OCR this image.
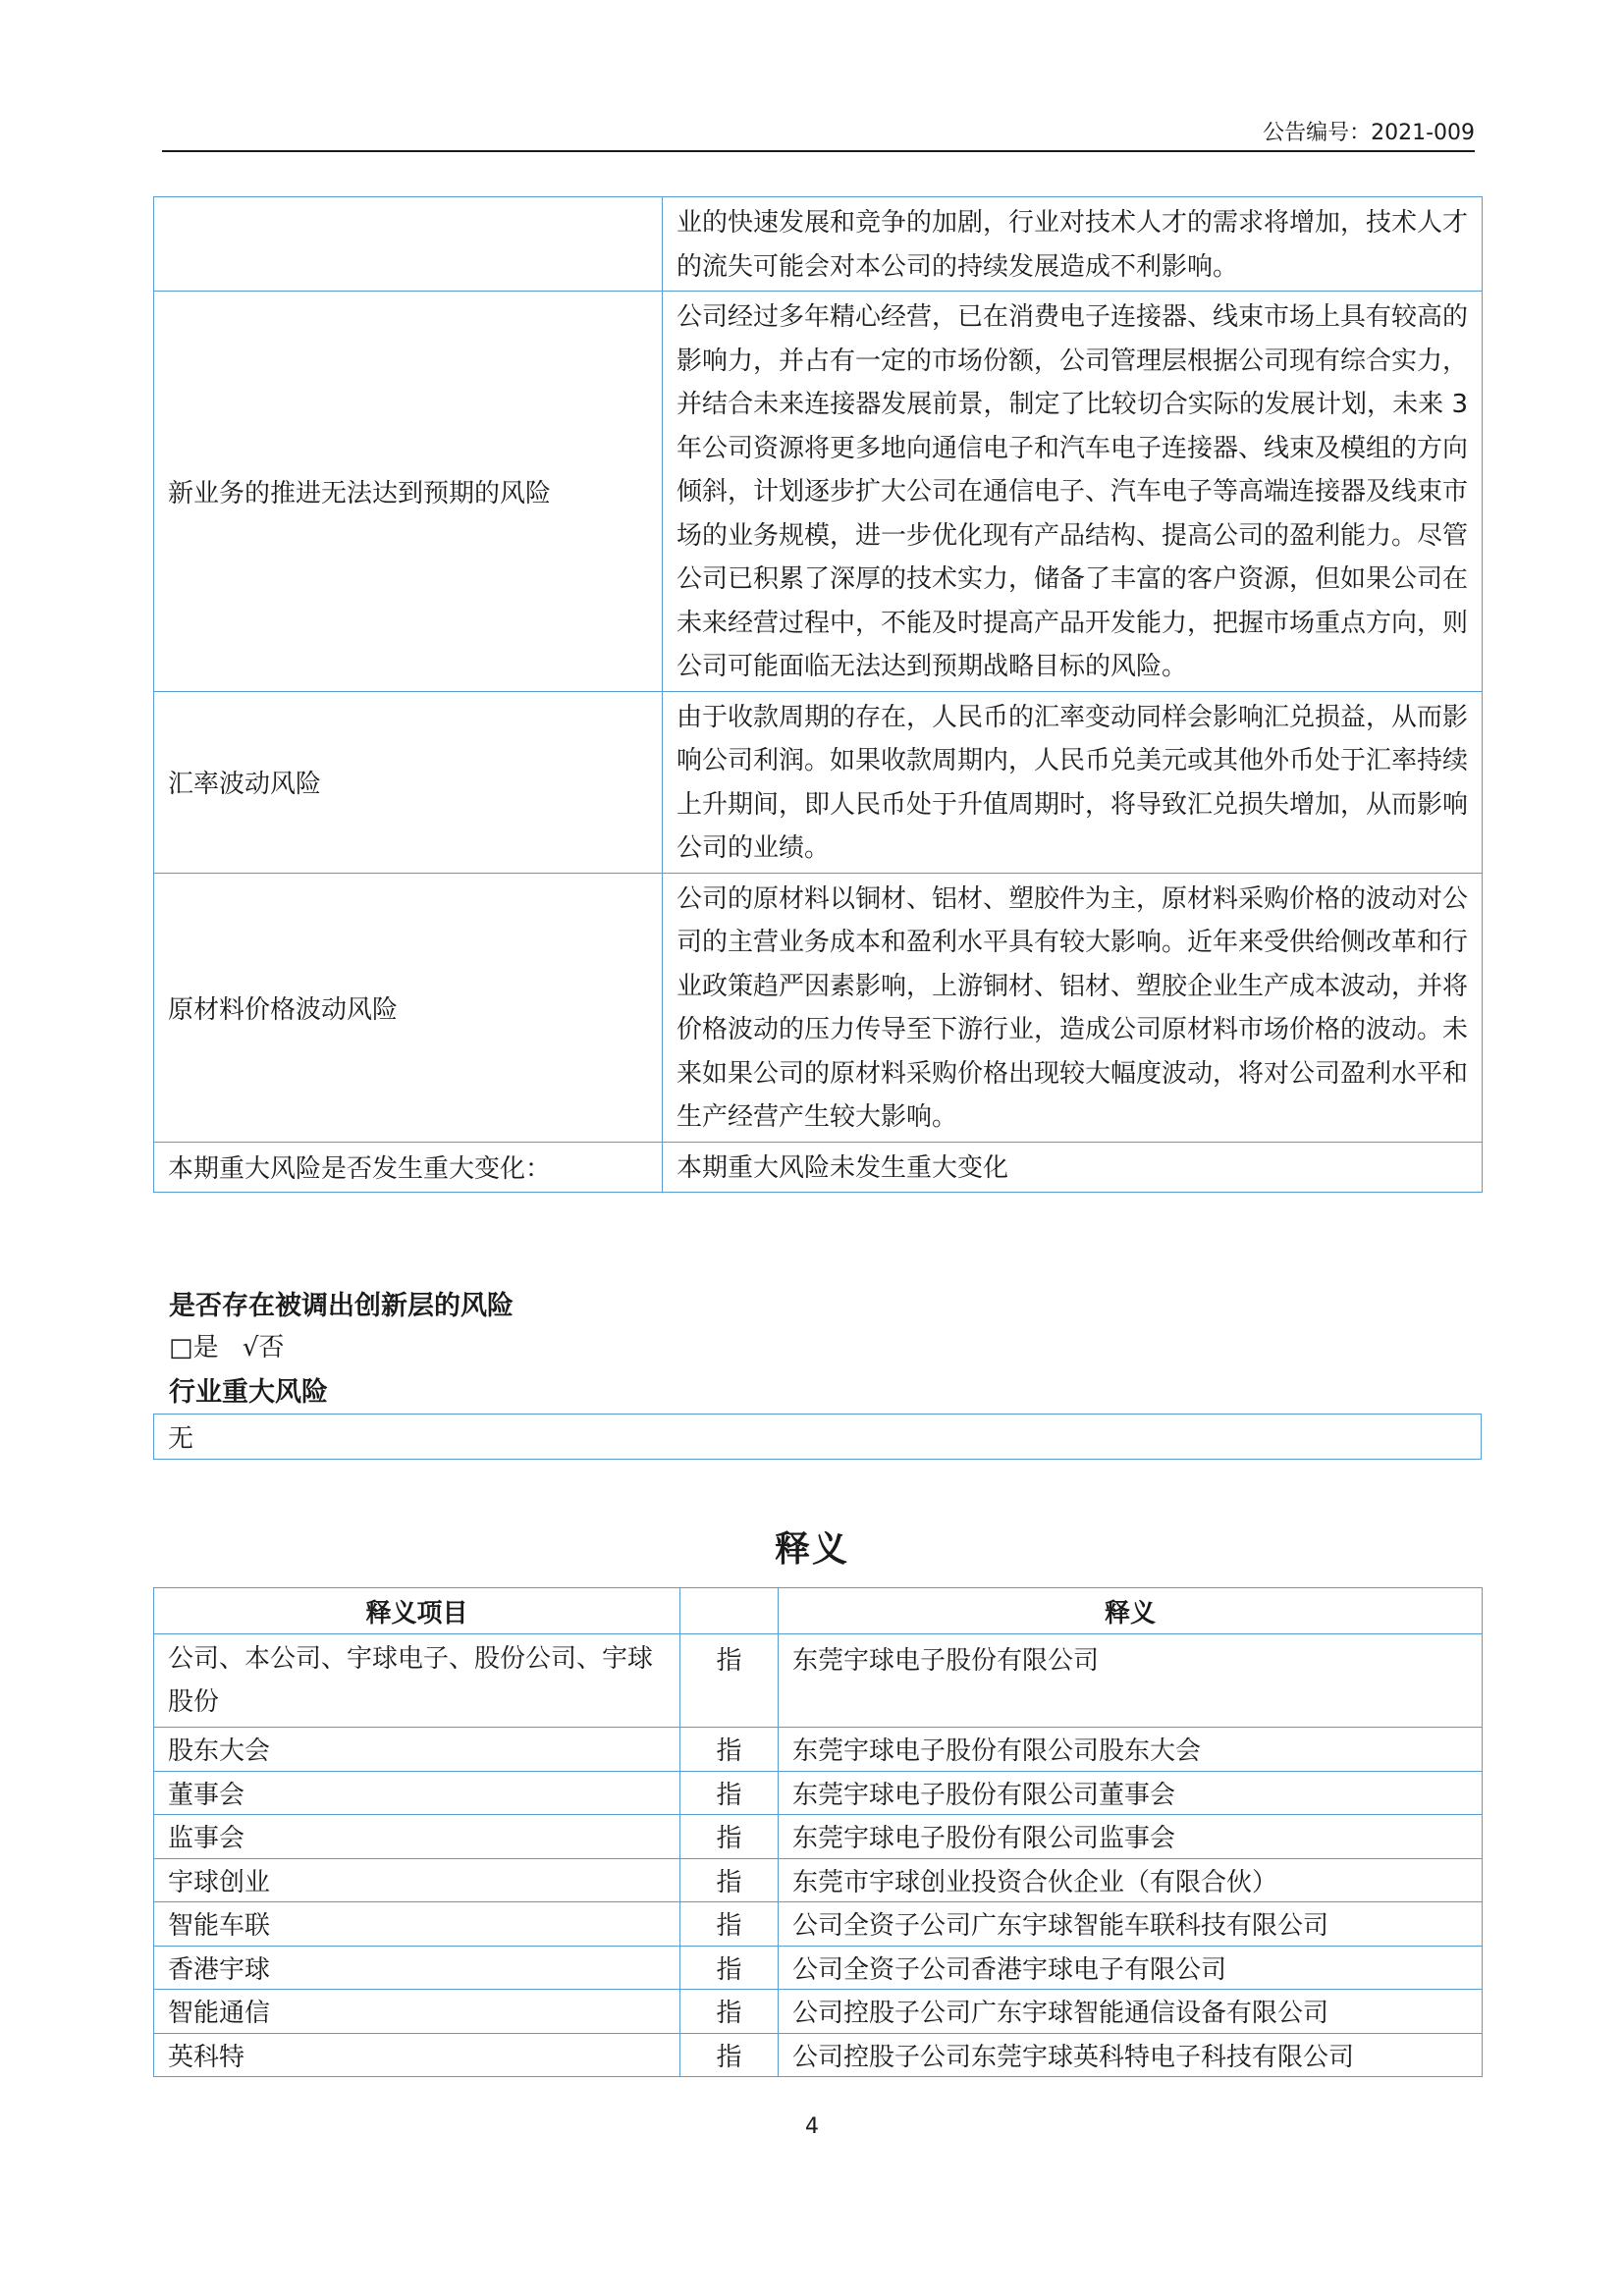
公告编号：2021-009
	业的快速发展和竞争的加剧，行业对技术人才的需求将增加，技术人才的流失可能会对本公司的持续发展造成不利影响。
新业务的推进无法达到预期的风险	公司经过多年精心经营，已在消费电子连接器、线束市场上具有较高的影响力，并占有一定的市场份额，公司管理层根据公司现有综合实力，并结合未来连接器发展前景，制定了比较切合实际的发展计划，未来 3 年公司资源将更多地向通信电子和汽车电子连接器、线束及模组的方向倾斜，计划逐步扩大公司在通信电子、汽车电子等高端连接器及线束市场的业务规模，进一步优化现有产品结构、提高公司的盈利能力。尽管公司已积累了深厚的技术实力，储备了丰富的客户资源，但如果公司在未来经营过程中，不能及时提高产品开发能力，把握市场重点方向，则公司可能面临无法达到预期战略目标的风险。
汇率波动风险	由于收款周期的存在，人民币的汇率变动同样会影响汇兑损益，从而影响公司利润。如果收款周期内，人民币兑美元或其他外币处于汇率持续上升期间，即人民币处于升值周期时，将导致汇兑损失增加，从而影响公司的业绩。
原材料价格波动风险	公司的原材料以铜材、铝材、塑胶件为主，原材料采购价格的波动对公司的主营业务成本和盈利水平具有较大影响。近年来受供给侧改革和行业政策趋严因素影响，上游铜材、铝材、塑胶企业生产成本波动，并将价格波动的压力传导至下游行业，造成公司原材料市场价格的波动。未来如果公司的原材料采购价格出现较大幅度波动，将对公司盈利水平和生产经营产生较大影响。
本期重大风险是否发生重大变化：	本期重大风险未发生重大变化
是否存在被调出创新层的风险
□是 √否
行业重大风险
无
释义
释义项目		释义
公司、本公司、宇球电子、股份公司、宇球股份	指	东莞宇球电子股份有限公司
股东大会	指	东莞宇球电子股份有限公司股东大会
董事会	指	东莞宇球电子股份有限公司董事会
监事会	指	东莞宇球电子股份有限公司监事会
宇球创业	指	东莞市宇球创业投资合伙企业（有限合伙）
智能车联	指	公司全资子公司广东宇球智能车联科技有限公司
香港宇球	指	公司全资子公司香港宇球电子有限公司
智能通信	指	公司控股子公司广东宇球智能通信设备有限公司
英科特	指	公司控股子公司东莞宇球英科特电子科技有限公司
4
